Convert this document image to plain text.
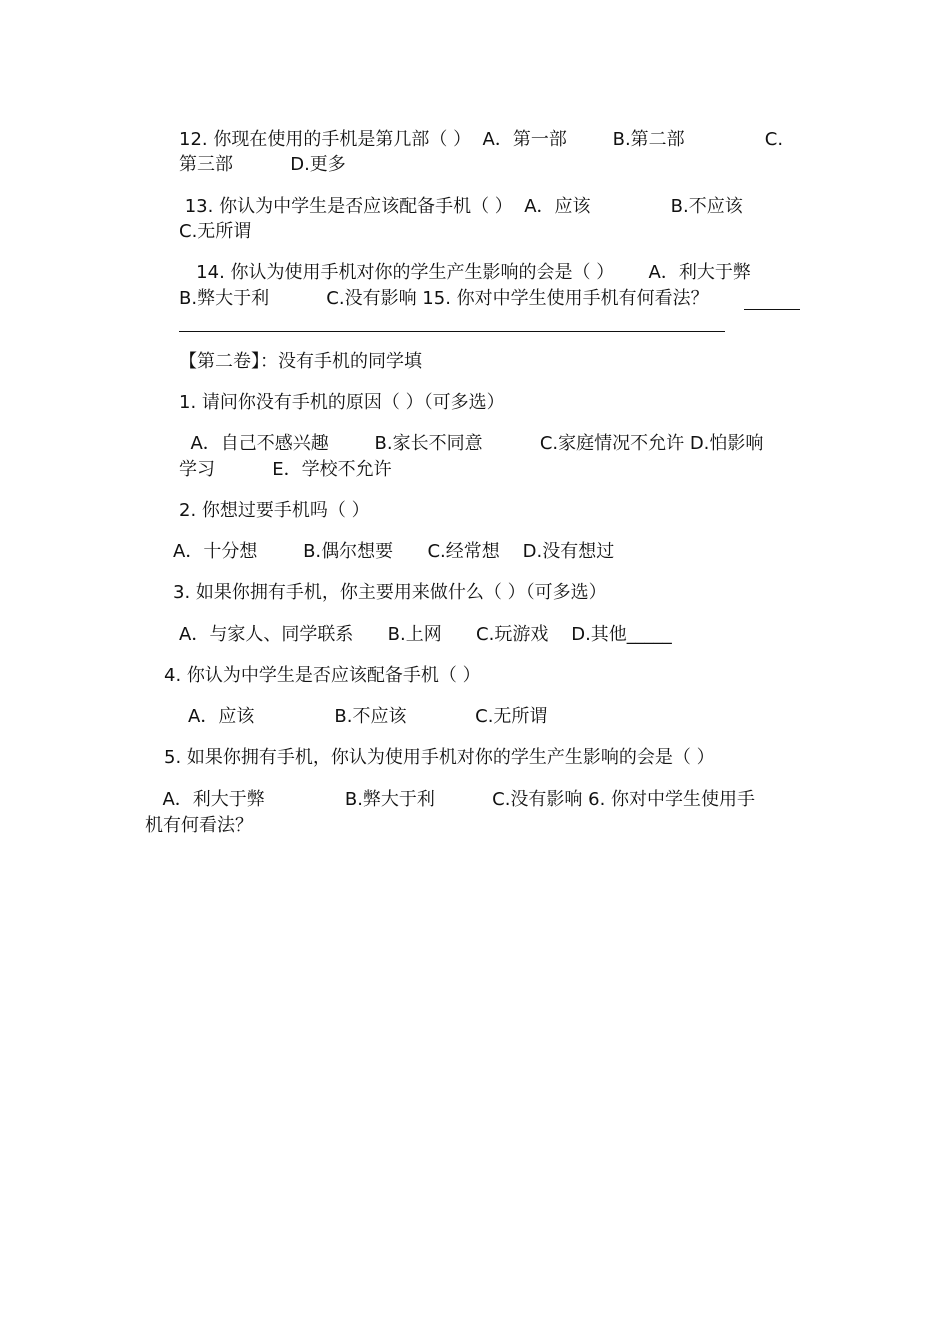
12. 你现在使用的手机是第几部（ ）  A．第一部        B.第二部              C.
第三部          D.更多
13. 你认为中学生是否应该配备手机（ ）  A．应该              B.不应该
C.无所谓
14. 你认为使用手机对你的学生产生影响的会是（ ）      A．利大于弊
B.弊大于利          C.没有影响 15. 你对中学生使用手机有何看法？
【第二卷】：没有手机的同学填
1. 请问你没有手机的原因（ ）（可多选）
A．自己不感兴趣        B.家长不同意          C.家庭情况不允许 D.怕影响
学习          E．学校不允许
2. 你想过要手机吗（ ）
A．十分想        B.偶尔想要      C.经常想    D.没有想过
3. 如果你拥有手机，你主要用来做什么（ ）（可多选）
A．与家人、同学联系      B.上网      C.玩游戏    D.其他_____
4. 你认为中学生是否应该配备手机（ ）
A．应该              B.不应该            C.无所谓
5. 如果你拥有手机，你认为使用手机对你的学生产生影响的会是（ ）
A．利大于弊              B.弊大于利          C.没有影响 6. 你对中学生使用手
机有何看法？
